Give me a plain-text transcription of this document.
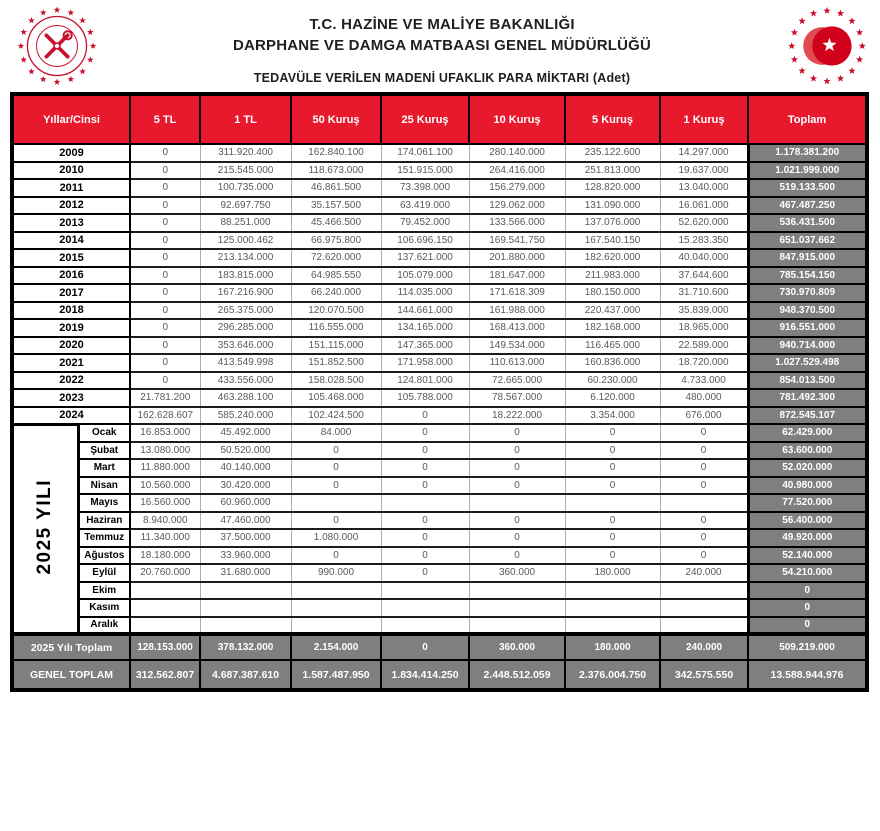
T.C. HAZİNE VE MALİYE BAKANLIĞI
DARPHANE VE DAMGA MATBAASI GENEL MÜDÜRLÜĞÜ
TEDAVÜLE VERİLEN MADENİ UFAKLIK PARA MİKTARI (Adet)
Yıllar/Cinsi		5 TL	1 TL	50 Kuruş	25 Kuruş	10 Kuruş	5 Kuruş	1 Kuruş	Toplam
2009		0	311.920.400	162.840.100	174.061.100	280.140.000	235.122.600	14.297.000	1.178.381.200
2010		0	215.545.000	118.673.000	151.915.000	264.416.000	251.813.000	19.637.000	1.021.999.000
2011		0	100.735.000	46.861.500	73.398.000	156.279.000	128.820.000	13.040.000	519.133.500
2012		0	92.697.750	35.157.500	63.419.000	129.062.000	131.090.000	16.061.000	467.487.250
2013		0	88.251.000	45.466.500	79.452.000	133.566.000	137.076.000	52.620.000	536.431.500
2014		0	125.000.462	66.975.800	106.696.150	169.541.750	167.540.150	15.283.350	651.037.662
2015		0	213.134.000	72.620.000	137.621.000	201.880.000	182.620.000	40.040.000	847.915.000
2016		0	183.815.000	64.985.550	105.079.000	181.647.000	211.983.000	37.644.600	785.154.150
2017		0	167.216.900	66.240.000	114.035.000	171.618.309	180.150.000	31.710.600	730.970.809
2018		0	265.375.000	120.070.500	144.661.000	161.988.000	220.437.000	35.839.000	948.370.500
2019		0	296.285.000	116.555.000	134.165.000	168.413.000	182.168.000	18.965.000	916.551.000
2020		0	353.646.000	151.115.000	147.365.000	149.534.000	116.465.000	22.589.000	940.714.000
2021		0	413.549.998	151.852.500	171.958.000	110.613.000	160.836.000	18.720.000	1.027.529.498
2022		0	433.556.000	158.028.500	124.801.000	72.665.000	60.230.000	4.733.000	854.013.500
2023		21.781.200	463.288.100	105.468.000	105.788.000	78.567.000	6.120.000	480.000	781.492.300
2024		162.628.607	585.240.000	102.424.500	0	18.222.000	3.354.000	676.000	872.545.107
2025 YILI	Ocak	16.853.000	45.492.000	84.000	0	0	0	0	62.429.000
	Şubat	13.080.000	50.520.000	0	0	0	0	0	63.600.000
	Mart	11.880.000	40.140.000	0	0	0	0	0	52.020.000
	Nisan	10.560.000	30.420.000	0	0	0	0	0	40.980.000
	Mayıs	16.560.000	60.960.000						77.520.000
	Haziran	8.940.000	47.460.000	0	0	0	0	0	56.400.000
	Temmuz	11.340.000	37.500.000	1.080.000	0	0	0	0	49.920.000
	Ağustos	18.180.000	33.960.000	0	0	0	0	0	52.140.000
	Eylül	20.760.000	31.680.000	990.000	0	360.000	180.000	240.000	54.210.000
	Ekim								0
	Kasım								0
	Aralık								0
2025 Yılı Toplam		128.153.000	378.132.000	2.154.000	0	360.000	180.000	240.000	509.219.000
GENEL TOPLAM		312.562.807	4.687.387.610	1.587.487.950	1.834.414.250	2.448.512.059	2.376.004.750	342.575.550	13.588.944.976
